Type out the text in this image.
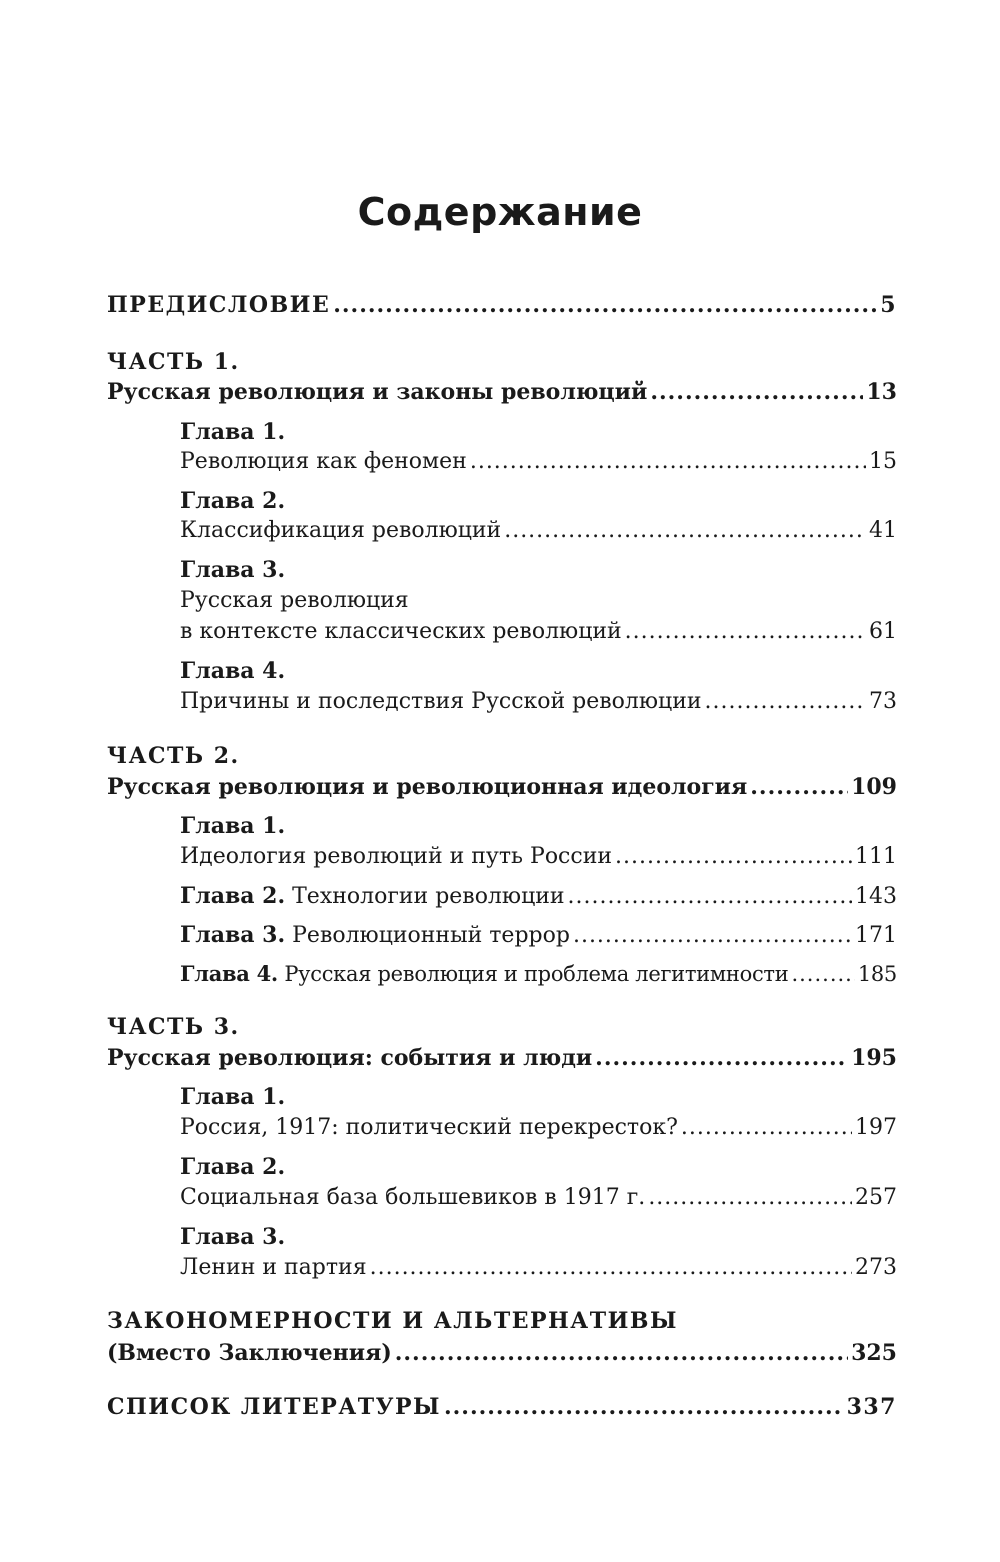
Содержание
ПРЕДИСЛОВИЕ .....	5
ЧАСТЬ 1.
Русская революция и законы революций .....	13
Глава 1.
Революция как феномен .....	15
Глава 2.
Классификация революций .....	41
Глава 3.
Русская революция
в контексте классических революций .....	61
Глава 4.
Причины и последствия Русской революции .....	73
ЧАСТЬ 2.
Русская революция и революционная идеология .....	109
Глава 1.
Идеология революций и путь России .....	111
Глава 2. Технологии революции .....	143
Глава 3. Революционный террор .....	171
Глава 4. Русская революция и проблема легитимности .....	185
ЧАСТЬ 3.
Русская революция: события и люди .....	195
Глава 1.
Россия, 1917: политический перекресток? .....	197
Глава 2.
Социальная база большевиков в 1917 г. .....	257
Глава 3.
Ленин и партия .....	273
ЗАКОНОМЕРНОСТИ И АЛЬТЕРНАТИВЫ
(Вместо Заключения) .....	325
СПИСОК ЛИТЕРАТУРЫ .....	337
